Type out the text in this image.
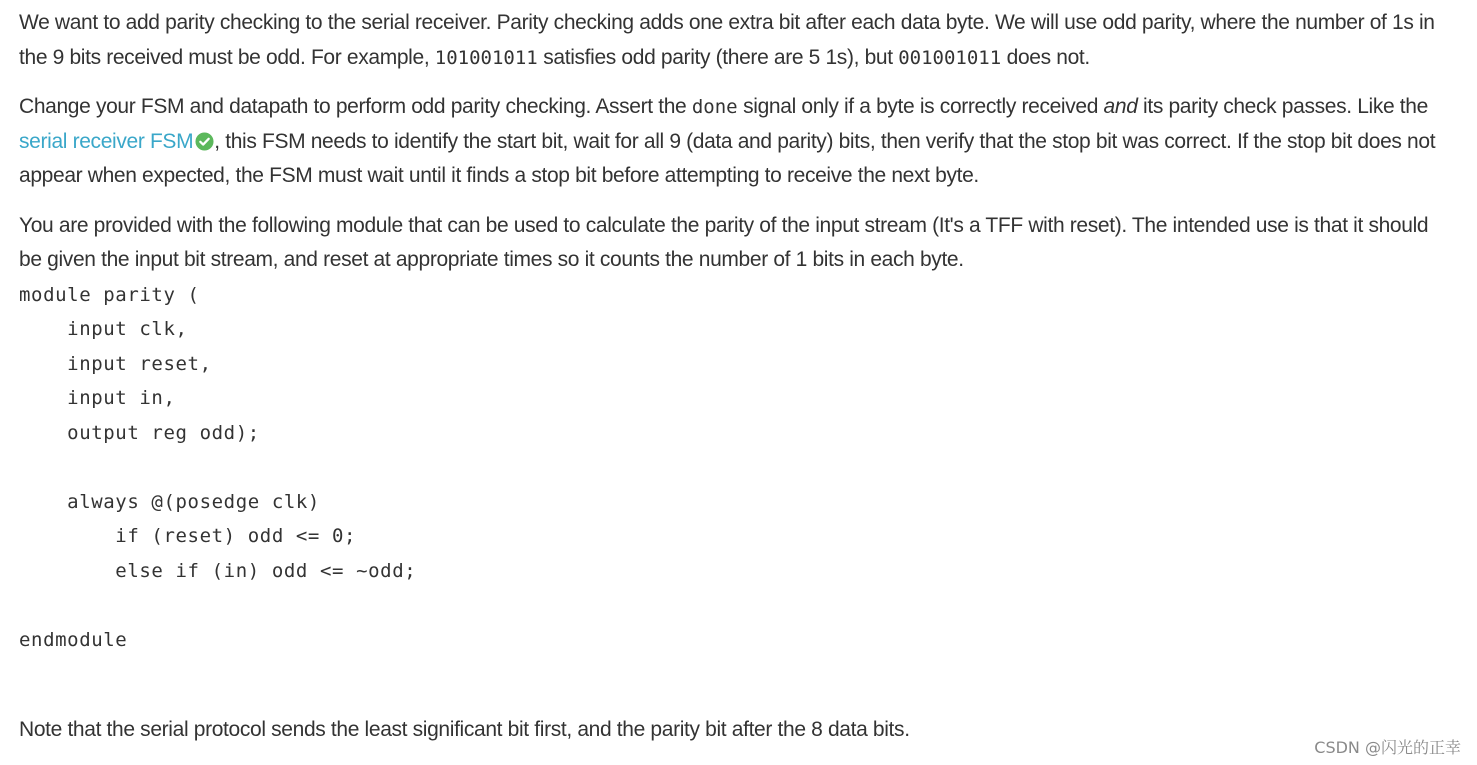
We want to add parity checking to the serial receiver. Parity checking adds one extra bit after each data byte. We will use odd parity, where the number of 1s in the 9 bits received must be odd. For example, 101001011 satisfies odd parity (there are 5 1s), but 001001011 does not.

Change your FSM and datapath to perform odd parity checking. Assert the done signal only if a byte is correctly received and its parity check passes. Like the serial receiver FSM , this FSM needs to identify the start bit, wait for all 9 (data and parity) bits, then verify that the stop bit was correct. If the stop bit does not appear when expected, the FSM must wait until it finds a stop bit before attempting to receive the next byte.

You are provided with the following module that can be used to calculate the parity of the input stream (It's a TFF with reset). The intended use is that it should be given the input bit stream, and reset at appropriate times so it counts the number of 1 bits in each byte.

module parity (
input clk,
input reset,
input in,
output reg odd);
always @(posedge clk)
if (reset) odd <= 0;
else if (in) odd <= ~odd;
endmodule

Note that the serial protocol sends the least significant bit first, and the parity bit after the 8 data bits.

CSDN @闪光的正幸
